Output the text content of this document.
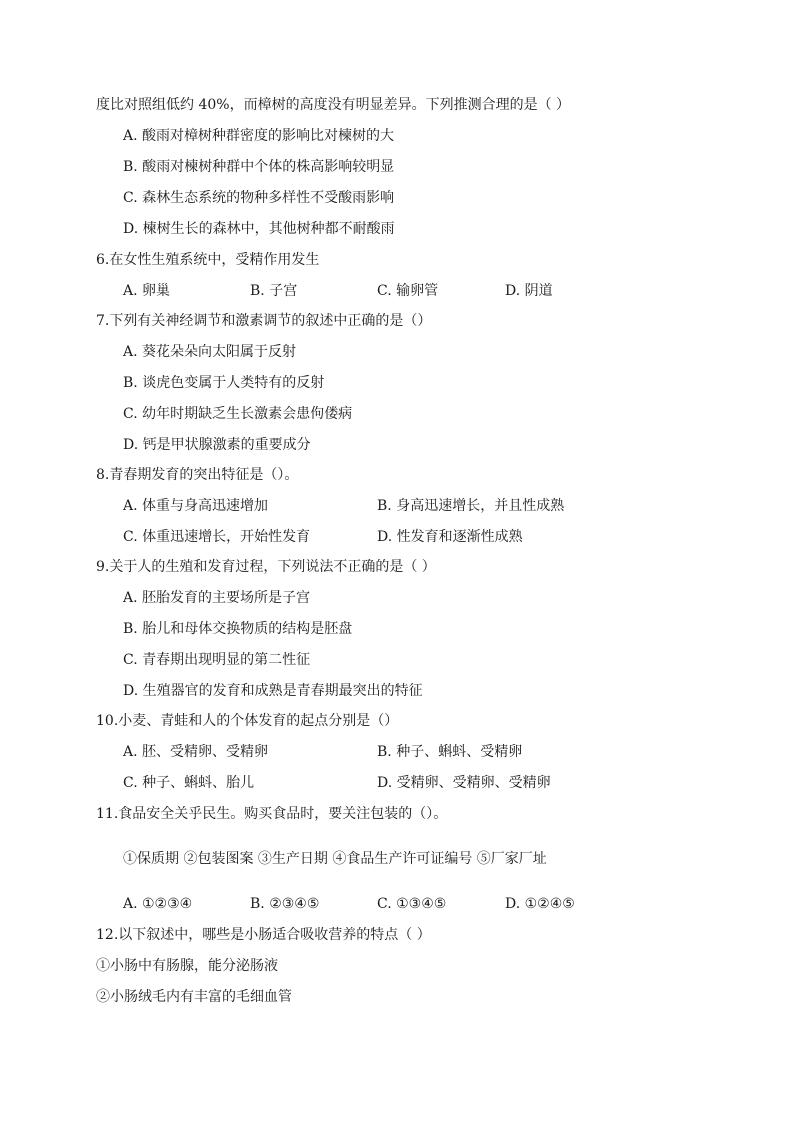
度比对照组低约 40%，而樟树的高度没有明显差异。下列推测合理的是（ ）
A. 酸雨对樟树种群密度的影响比对楝树的大
B. 酸雨对楝树种群中个体的株高影响较明显
C. 森林生态系统的物种多样性不受酸雨影响
D. 楝树生长的森林中，其他树种都不耐酸雨
6.在女性生殖系统中，受精作用发生
A. 卵巢	B. 子宫	C. 输卵管	D. 阴道
7.下列有关神经调节和激素调节的叙述中正确的是（）
A. 葵花朵朵向太阳属于反射
B. 谈虎色变属于人类特有的反射
C. 幼年时期缺乏生长激素会患佝偻病
D. 钙是甲状腺激素的重要成分
8.青春期发育的突出特征是（）。
A. 体重与身高迅速增加	B. 身高迅速增长，并且性成熟
C. 体重迅速增长，开始性发育	D. 性发育和逐渐性成熟
9.关于人的生殖和发育过程，下列说法不正确的是（ ）
A. 胚胎发育的主要场所是子宫
B. 胎儿和母体交换物质的结构是胚盘
C. 青春期出现明显的第二性征
D. 生殖器官的发育和成熟是青春期最突出的特征
10.小麦、青蛙和人的个体发育的起点分别是（）
A. 胚、受精卵、受精卵	B. 种子、蝌蚪、受精卵
C. 种子、蝌蚪、胎儿	D. 受精卵、受精卵、受精卵
11.食品安全关乎民生。购买食品时，要关注包装的（）。
①保质期 ②包装图案 ③生产日期 ④食品生产许可证编号 ⑤厂家厂址
A. ①②③④	B. ②③④⑤	C. ①③④⑤	D. ①②④⑤
12.以下叙述中，哪些是小肠适合吸收营养的特点（ ）
①小肠中有肠腺，能分泌肠液
②小肠绒毛内有丰富的毛细血管
